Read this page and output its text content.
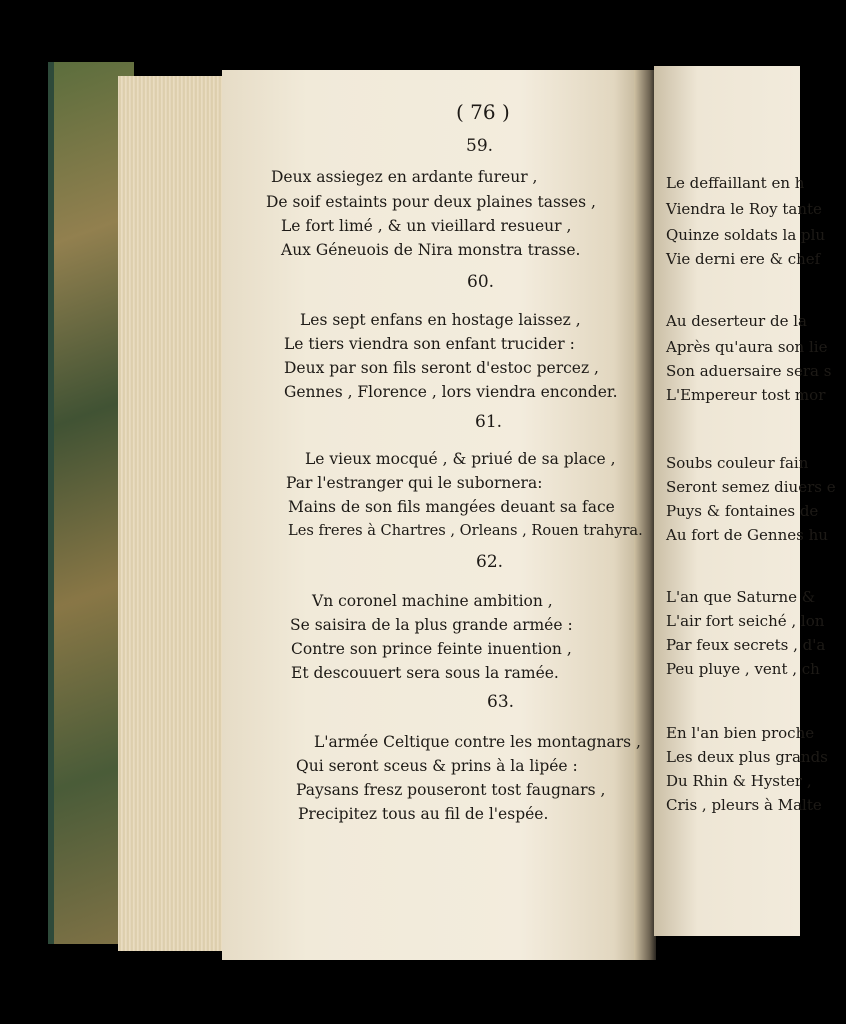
Le deffaillant en h
Viendra le Roy tante
Quinze soldats la plu
Vie derni ere & chef
Au deserteur de la
Après qu'aura son lie
Son aduersaire sera s
L'Empereur tost mor
Soubs couleur fain
Seront semez diuers e
Puys & fontaines de
Au fort de Gennes hu
L'an que Saturne &
L'air fort seiché , lon
Par feux secrets , d'a
Peu pluye , vent , ch
En l'an bien proche
Les deux plus grands
Du Rhin & Hyster ,
Cris , pleurs à Malte
( 76 )
59.
Deux assiegez en ardante fureur ,
De soif estaints pour deux plaines tasses ,
Le fort limé , & un vieillard resueur ,
Aux Géneuois de Nira monstra trasse.
60.
Les sept enfans en hostage laissez ,
Le tiers viendra son enfant trucider :
Deux par son fils seront d'estoc percez ,
Gennes , Florence , lors viendra enconder.
61.
Le vieux mocqué , & priué de sa place ,
Par l'estranger qui le subornera:
Mains de son fils mangées deuant sa face
Les freres à Chartres , Orleans , Rouen trahyra.
62.
Vn coronel machine ambition ,
Se saisira de la plus grande armée :
Contre son prince feinte inuention ,
Et descouuert sera sous la ramée.
63.
L'armée Celtique contre les montagnars ,
Qui seront sceus & prins à la lipée :
Paysans fresz pouseront tost faugnars ,
Precipitez tous au fil de l'espée.
